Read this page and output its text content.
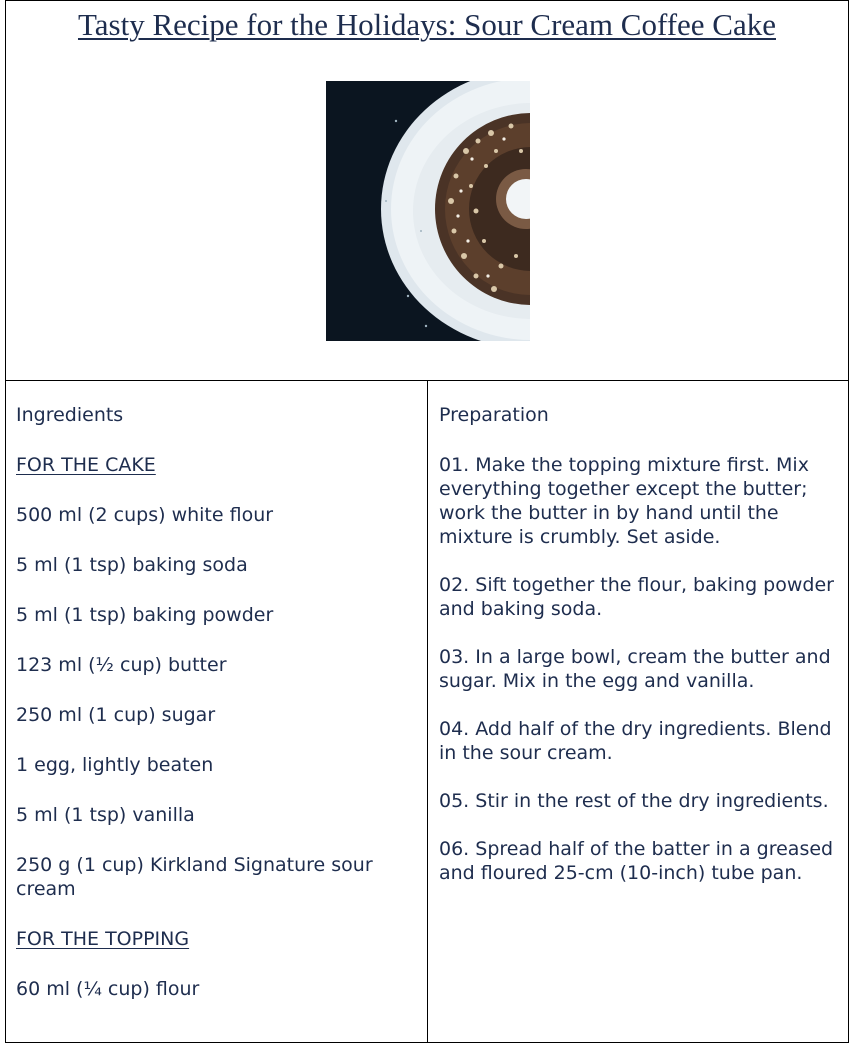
Tasty Recipe for the Holidays: Sour Cream Coffee Cake

Ingredients

FOR THE CAKE

500 ml (2 cups) white flour

5 ml (1 tsp) baking soda

5 ml (1 tsp) baking powder

123 ml (½ cup) butter

250 ml (1 cup) sugar

1 egg, lightly beaten

5 ml (1 tsp) vanilla

250 g (1 cup) Kirkland Signature sour cream

FOR THE TOPPING

60 ml (¼ cup) flour

Preparation

01. Make the topping mixture first. Mix everything together except the butter; work the butter in by hand until the mixture is crumbly. Set aside.

02. Sift together the flour, baking powder and baking soda.

03. In a large bowl, cream the butter and sugar. Mix in the egg and vanilla.

04. Add half of the dry ingredients. Blend in the sour cream.

05. Stir in the rest of the dry ingredients.

06. Spread half of the batter in a greased and floured 25-cm (10-inch) tube pan.
